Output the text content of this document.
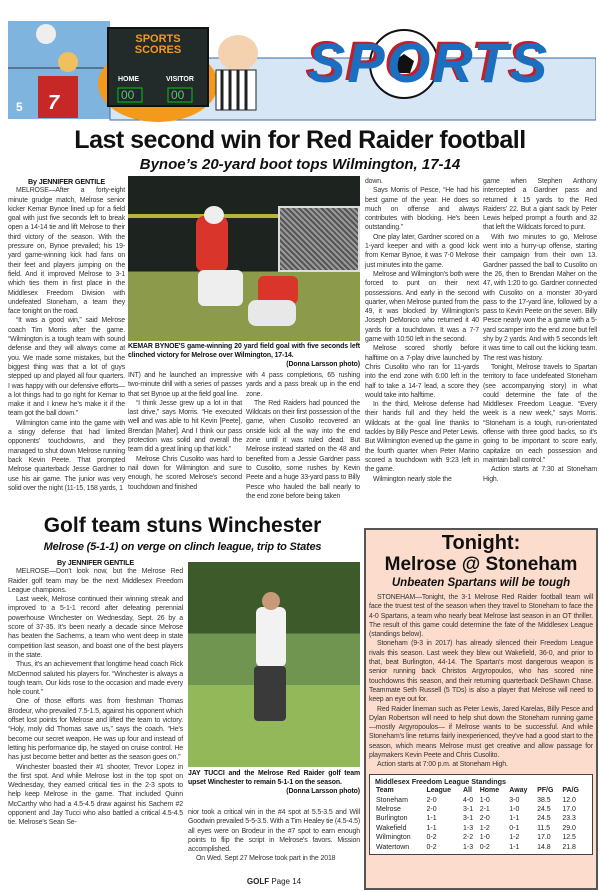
SPORTS SCORES
HOME	VISITOR
00	00
7
5
SPORTS
Last second win for Red Raider football
Bynoe’s 20-yard boot tops Wilmington, 17-14

By JENNIFER GENTILE

MELROSE—After a forty-eight minute grudge match, Melrose senior kicker Kemar Bynoe lined up for a field goal with just five seconds left to break open a 14-14 tie and lift Melrose to their third victory of the season. With the pressure on, Bynoe prevailed; his 19-yard game-winning kick had fans on their feet and players jumping on the field. And it improved Melrose to 3-1 which ties them in first place in the Middlesex Freedom Division with undefeated Stoneham, a team they face tonight on the road.

“It was a good win,” said Melrose coach Tim Morris after the game. “Wilmington is a tough team with sound defense and they will always come at you. We made some mistakes, but the biggest thing was that a lot of guys stepped up and played all four quarters. I was happy with our defensive efforts—a lot things had to go right for Kemar to make it and I knew he’s make it if the team got the ball down.”

Wilmington came into the game with a stingy defense that had limited opponents' touchdowns, and they managed to shut down Melrose running back Kevin Peete. That prompted Melrose quarterback Jesse Gardner to use his air game. The junior was very solid over the night (11-15, 158 yards, 1

KEMAR BYNOE'S game-winning 20 yard field goal with five seconds left clinched victory for Melrose over Wilmington, 17-14.
(Donna Larsson photo)

INT) and he launched an impressive two-minute drill with a series of passes that set Bynoe up at the field goal line.

“I think Jesse grew up a lot in that last drive,” says Morris. “He executed well and was able to hit Kevin [Peete], Brendan [Maher]. And I think our pass protection was solid and overall the team did a great lining up that kick.”

Melrose Chris Cusolito was hard to nail down for Wilmington and sure enough, he scored Melrose's second touchdown and finished

with 4 pass completions, 65 rushing yards and a pass break up in the end zone.

The Red Raiders had pounced the Wildcats on their first possession of the game, when Cusolito recovered an onside kick all the way into the end zone until it was ruled dead. But Melrose instead started on the 48 and benefited from a Jessie Gardner pass to Cusolito, some rushes by Kevin Peete and a huge 33-yard pass to Billy Pesce who hauled the ball nearly to the end zone before being taken

down.

Says Morris of Pesce, “He had his best game of the year. He does so much on offense and always contributes with blocking. He's been outstanding.”

One play later, Gardner scored on a 1-yard keeper and with a good kick from Kemar Bynoe, it was 7-0 Melrose just minutes into the game.

Melrose and Wilmington's both were forced to punt on their next possessions. And early in the second quarter, when Melrose punted from the 49, it was blocked by Wilmington's Joseph DeMonico who returned it 40 yards for a touchdown. It was a 7-7 game with 10:50 left in the second.

Melrose scored shortly before halftime on a 7-play drive launched by Chris Cusolito who ran for 11-yards into the end zone with 6:00 left in the half to take a 14-7 lead, a score they would take into halftime.

In the third, Melrose defense had their hands full and they held the Wildcats at the goal line thanks to tackles by Billy Pesce and Peter Lewis. But Wilmington evened up the game in the fourth quarter when Peter Marino scored a touchdown with 9:23 left in the game.

Wilmington nearly stole the

game when Stephen Anthony intercepted a Gardner pass and returned it 15 yards to the Red Raiders' 22. But a giant sack by Peter Lewis helped prompt a fourth and 32 that left the Wildcats forced to punt.

With two minutes to go, Melrose went into a hurry-up offense, starting their campaign from their own 13. Gardner passed the ball to Cusolito on the 26, then to Brendan Maher on the 47, with 1:20 to go. Gardner connected with Cusolito on a monster 30-yard pass to the 17-yard line, followed by a pass to Kevin Peete on the seven. Billy Pesce nearly won the a game with a 5-yard scamper into the end zone but fell shy by 2 yards. And with 5 seconds left it was time to call out the kicking team. The rest was history.

Tonight, Melrose travels to Spartan territory to face undefeated Stoneham (see accompanying story) in what could determine the fate of the Middlesex Freedom League. “Every week is a new week,” says Morris. “Stoneham is a tough, run-orientated offense with three good backs, so it's going to be important to score early, capitalize on each possession and maintain ball control.”

Action starts at 7:30 at Stoneham High.

Golf team stuns Winchester
Melrose (5-1-1) on verge on clinch league, trip to States

By JENNIFER GENTILE

MELROSE—Don't look now, but the Melrose Red Raider golf team may be the next Middlesex Freedom League champions.

Last week, Melrose continued their winning streak and improved to a 5-1-1 record after defeating perennial powerhouse Winchester on Wednesday, Sept. 26 by a score of 37-35. It's been nearly a decade since Melrose has beaten the Sachems, a team who went deep in state competition last season, and boast one of the best players in the state.

Thus, it's an achievement that longtime head coach Rick McDermod saluted his players for. “Winchester is always a tough team. Our kids rose to the occasion and made every hole count.”

One of those efforts was from freshman Thomas Brodeur, who prevailed 7.5-1.5, against his opponent which offset lost points for Melrose and lifted the team to victory. “Holy, moly did Thomas save us,” says the coach. “He's become our secret weapon. He was up four and instead of letting his performance dip, he stayed on cruise control. He has just become better and better as the season goes on.”

Winchester boasted their #1 shooter, Trevor Lopez in the first spot. And while Melrose lost in the top spot on Wednesday, they earned critical ties in the 2-3 spots to help keep Melrose in the game. That included Quinn McCarthy who had a 4.5-4.5 draw against his Sachem #2 opponent and Jay Tucci who also battled a critical 4.5-4.5 tie. Melrose's Sean Se-

JAY TUCCI and the Melrose Red Raider golf team upset Winchester to remain 5-1-1 on the season.
(Donna Larsson photo)

nior took a critical win in the #4 spot at 5.5-3.5 and Will Goodwin prevailed 5-5-3.5. With a Tim Healey tie (4.5-4.5) all eyes were on Brodeur in the #7 spot to earn enough points to flip the script in Melrose's favors. Mission accomplished.

On Wed. Sept 27 Melrose took part in the 2018

GOLF Page 14
Tonight:
Melrose @ Stoneham
Unbeaten Spartans will be tough

STONEHAM—Tonight, the 3-1 Melrose Red Raider football team will face the truest test of the season when they travel to Stoneham to face the 4-0 Spartans, a team who nearly beat Melrose last season in an OT thriller. The result of this game could determine the fate of the Middlesex League (standings below).

Stoneham (9-3 in 2017) has already silenced their Freedom League rivals this season. Last week they blew out Wakefield, 36-0, and prior to that, beat Burlington, 44-14. The Spartan's most dangerous weapon is senior running back Christos Argyropoulos, who has scored nine touchdowns this season, and their returning quarterback DeShawn Chase. Teammate Seth Russell (5 TDs) is also a player that Melrose will need to keep an eye out for.

Red Raider lineman such as Peter Lewis, Jared Karelas, Billy Pesce and Dylan Robertson will need to help shut down the Stoneham running game—mostly Argyropoulos— if Melrose wants to be successful. And while Stoneham's line returns fairly inexperienced, they've had a good start to the season, which means Melrose must get creative and allow passage for playmakers Kevin Peete and Chris Cusolito.

Action starts at 7:00 p.m. at Stoneham High.

Middlesex Freedom League Standings
Team	League	All	Home	Away	PF/G	PA/G
Stoneham	2-0	4-0	1-0	3-0	38.5	12.0
Melrose	2-0	3-1	2-1	1-0	24.5	17.0
Burlington	1-1	3-1	2-0	1-1	24.5	23.3
Wakefield	1-1	1-3	1-2	0-1	11.5	29.0
Wilmington	0-2	2-2	1-0	1-2	17.0	12.5
Watertown	0-2	1-3	0-2	1-1	14.8	21.8
